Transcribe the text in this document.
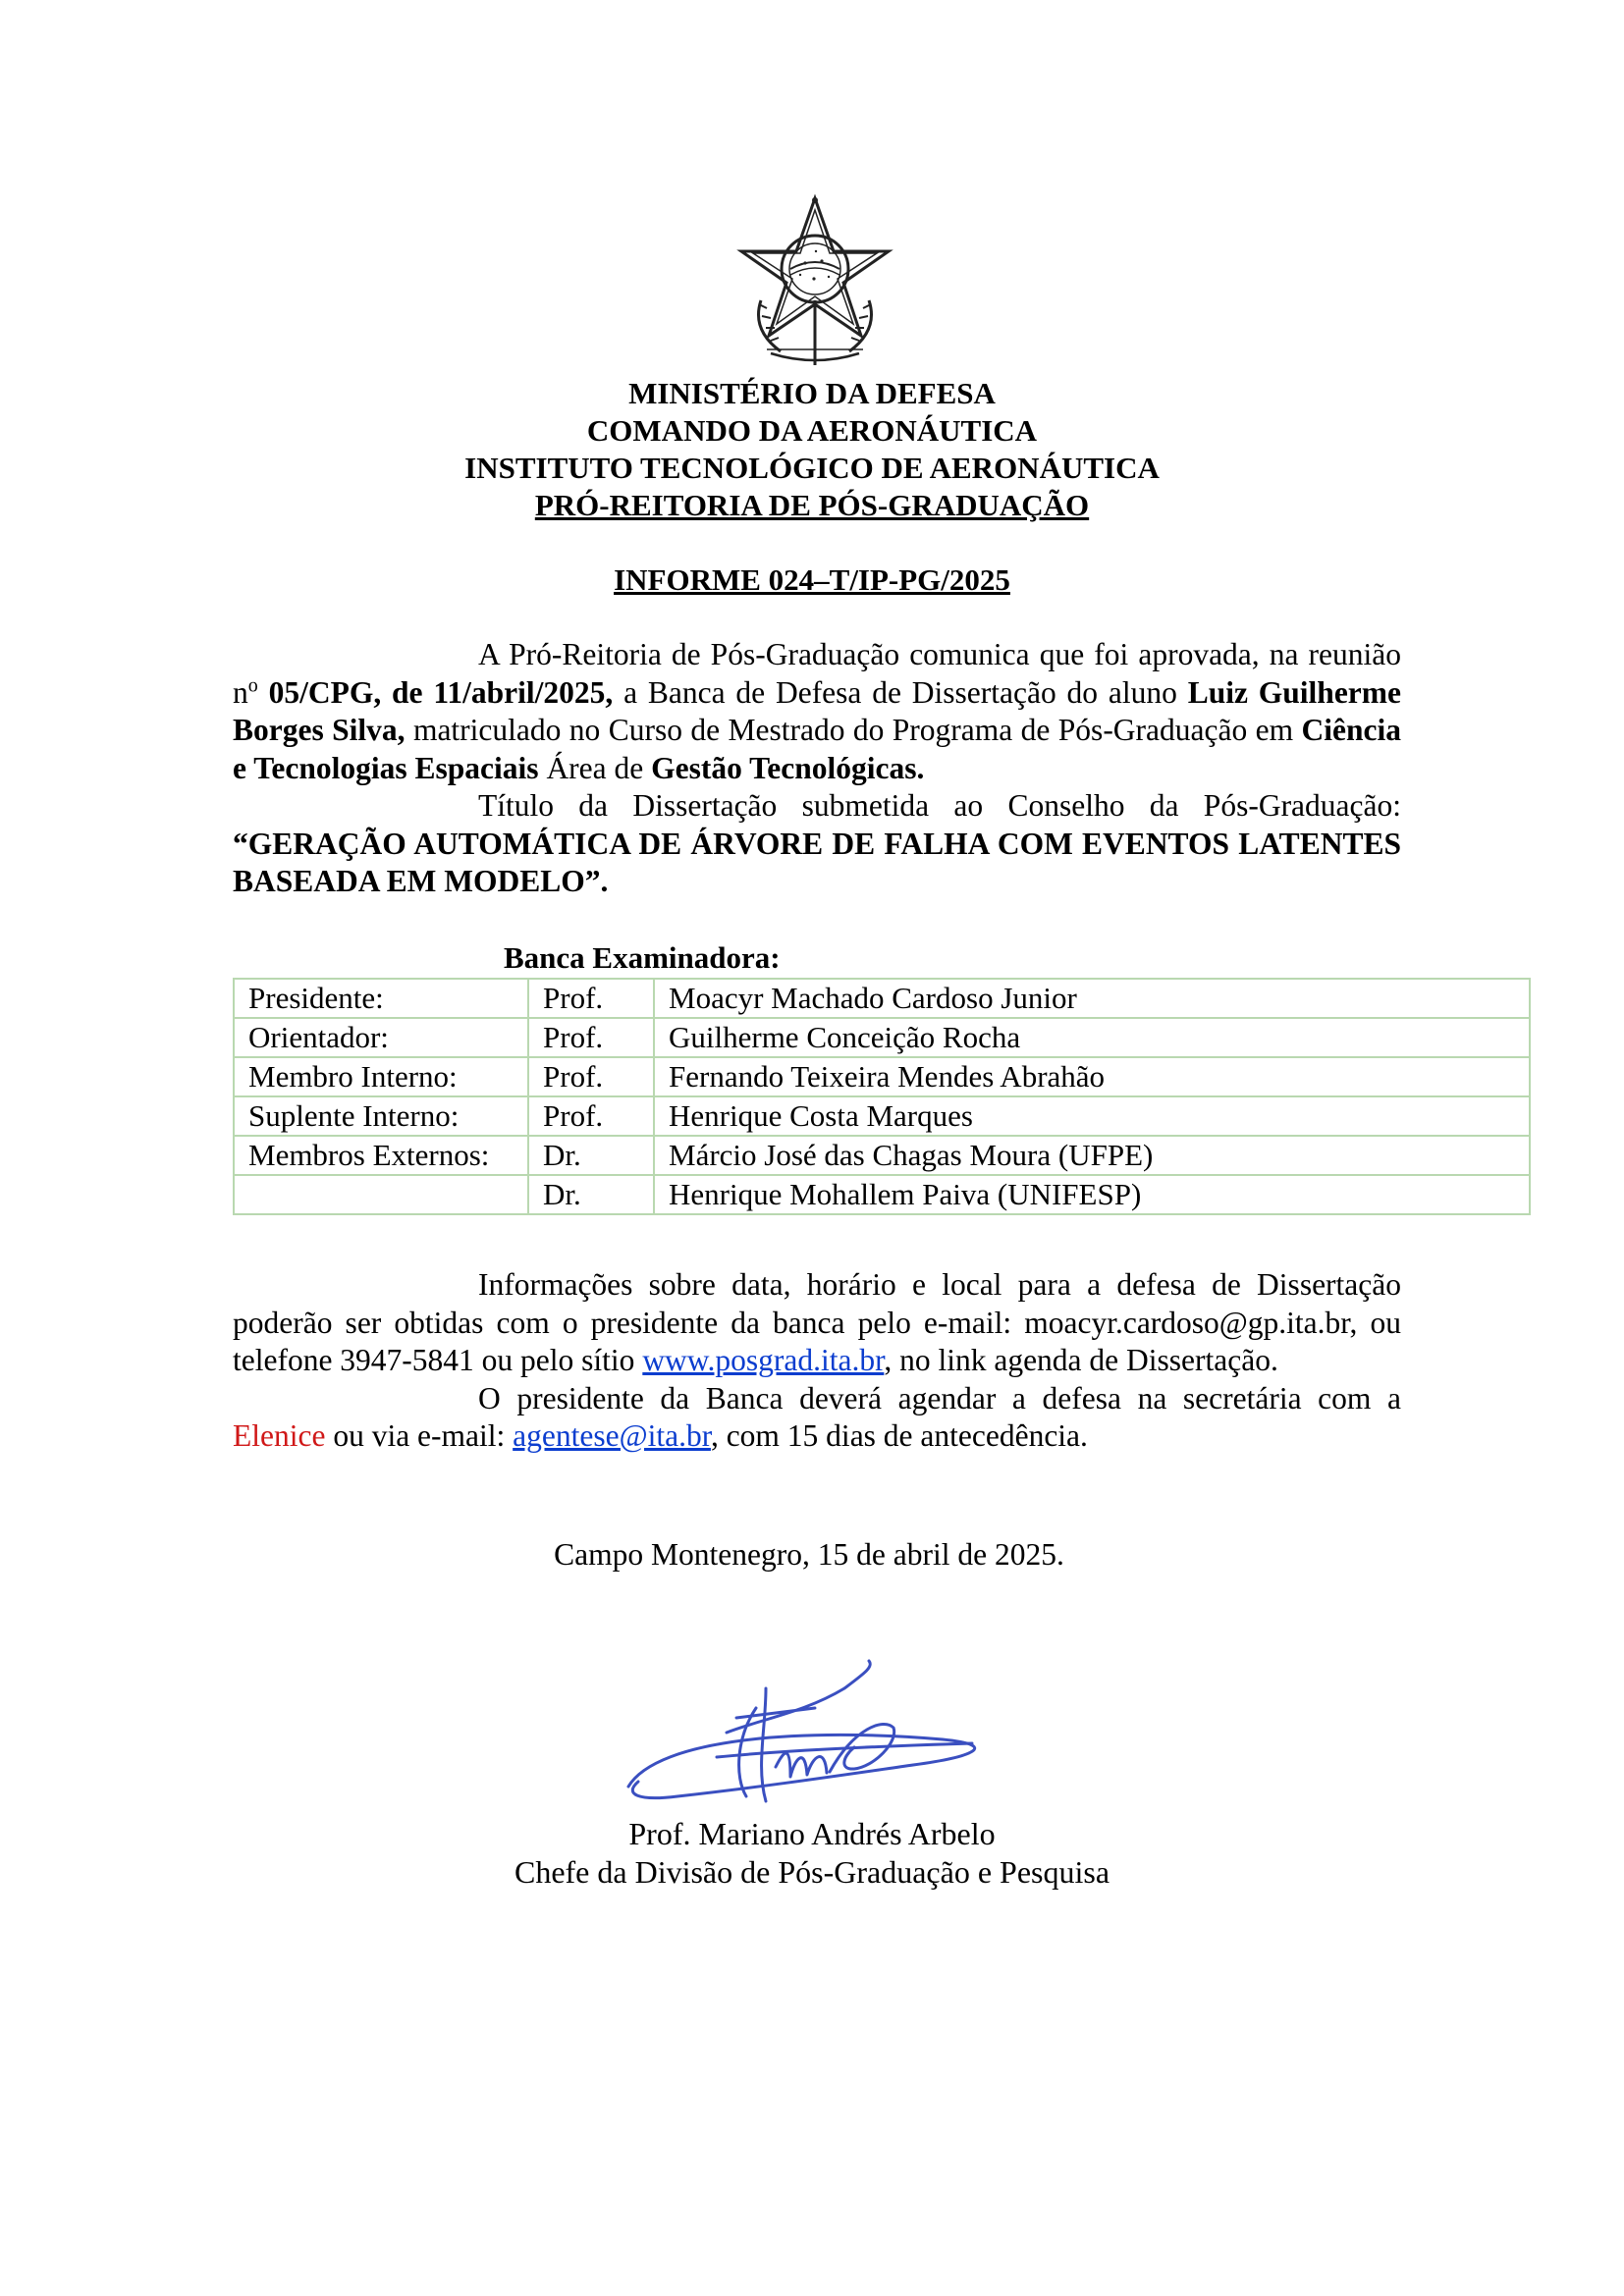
MINISTÉRIO DA DEFESA
COMANDO DA AERONÁUTICA
INSTITUTO TECNOLÓGICO DE AERONÁUTICA
PRÓ-REITORIA DE PÓS-GRADUAÇÃO
INFORME 024–T/IP-PG/2025

A Pró-Reitoria de Pós-Graduação comunica que foi aprovada, na reunião $n^o$ 05/CPG, de 11/abril/2025, a Banca de Defesa de Dissertação do aluno Luiz Guilherme Borges Silva, matriculado no Curso de Mestrado do Programa de Pós-Graduação em Ciência e Tecnologias Espaciais Área de Gestão Tecnológicas.

Título da Dissertação submetida ao Conselho da Pós-Graduação:

“GERAÇÃO AUTOMÁTICA DE ÁRVORE DE FALHA COM EVENTOS LATENTES BASEADA EM MODELO”.

Banca Examinadora:
Presidente:	Prof.	Moacyr Machado Cardoso Junior
Orientador:	Prof.	Guilherme Conceição Rocha
Membro Interno:	Prof.	Fernando Teixeira Mendes Abrahão
Suplente Interno:	Prof.	Henrique Costa Marques
Membros Externos:	Dr.	Márcio José das Chagas Moura (UFPE)
	Dr.	Henrique Mohallem Paiva (UNIFESP)

Informações sobre data, horário e local para a defesa de Dissertação poderão ser obtidas com o presidente da banca pelo e-mail: moacyr.cardoso@gp.ita.br, ou telefone 3947-5841 ou pelo sítio www.posgrad.ita.br, no link agenda de Dissertação.

O presidente da Banca deverá agendar a defesa na secretária com a Elenice ou via e-mail: agentese@ita.br, com 15 dias de antecedência.

Campo Montenegro, 15 de abril de 2025.
Prof. Mariano Andrés Arbelo
Chefe da Divisão de Pós-Graduação e Pesquisa
